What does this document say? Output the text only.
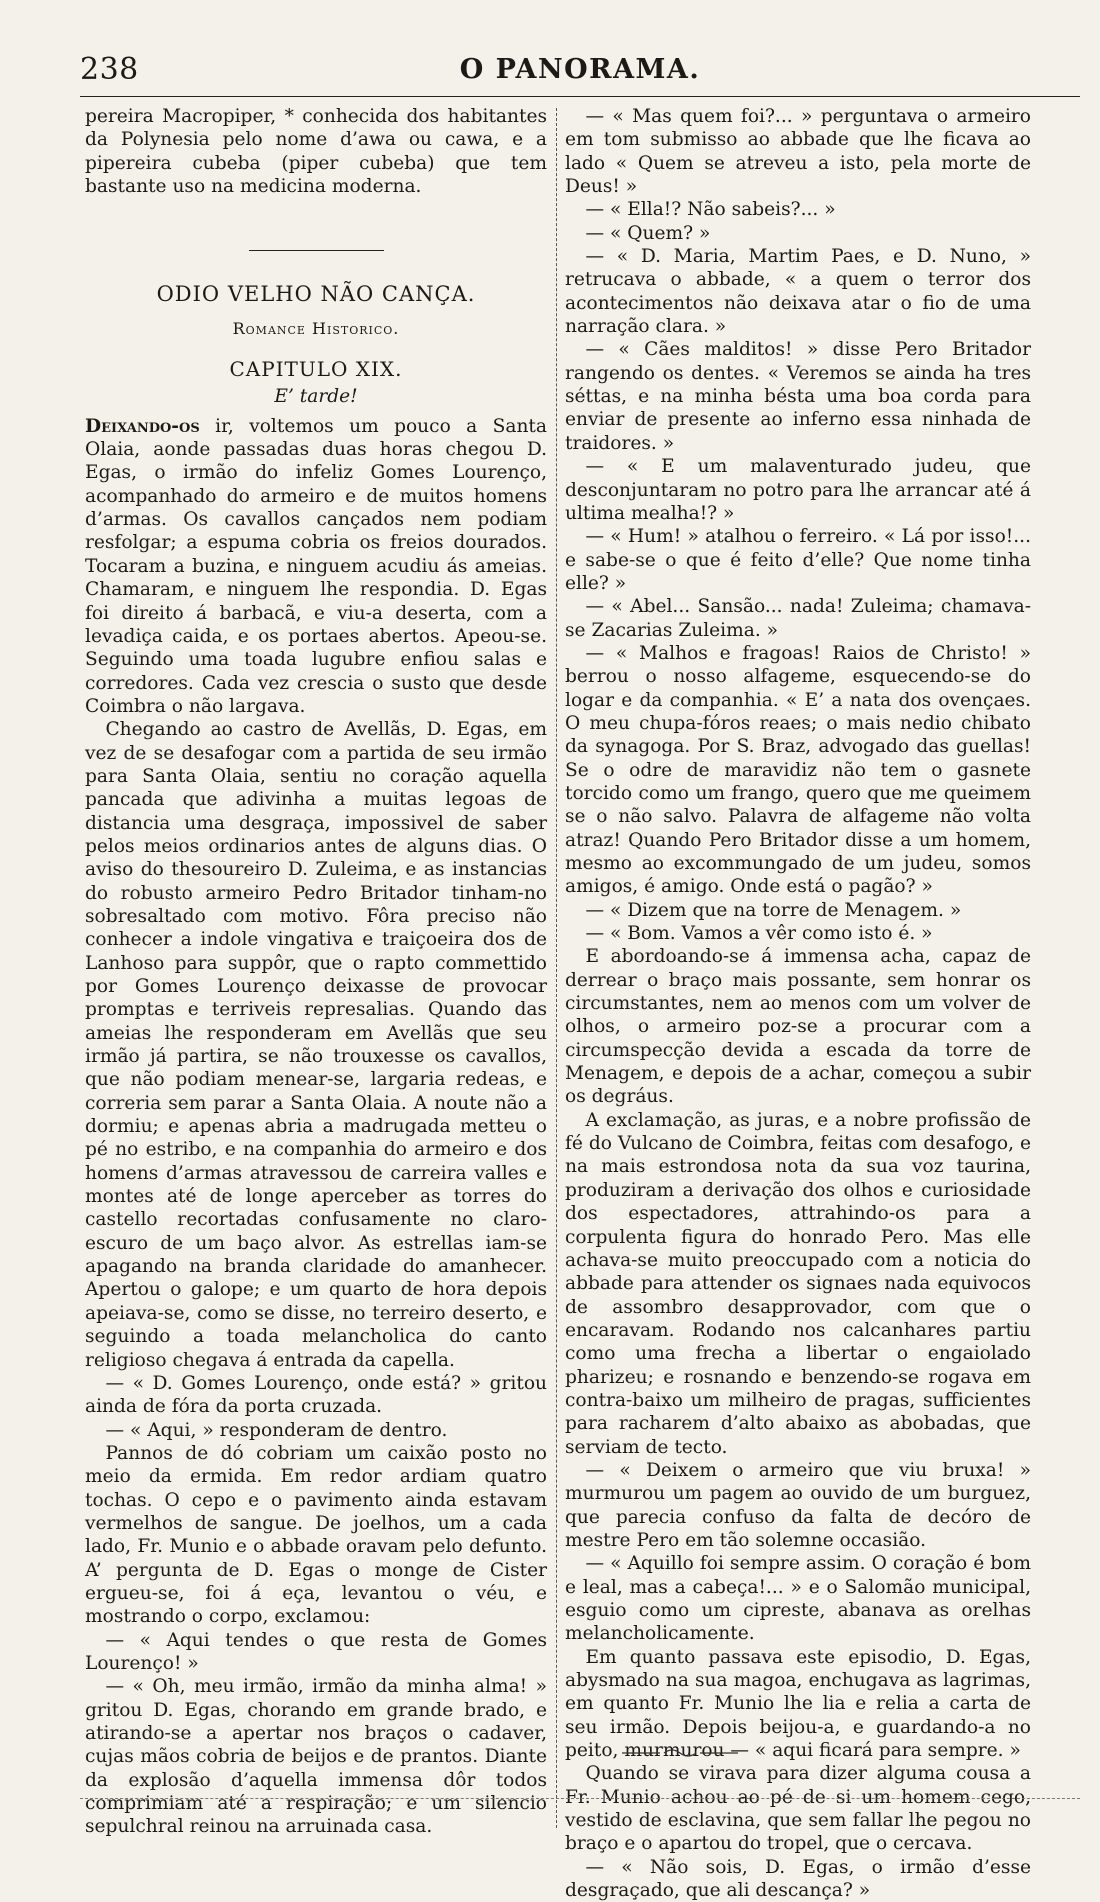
238	O PANORAMA.

pereira Macropiper, * conhecida dos habitantes da Polynesia pelo nome d’awa ou cawa, e a pipereira cubeba (piper cubeba) que tem bastante uso na medicina moderna.

ODIO VELHO NÃO CANÇA.
Romance Historico.
CAPITULO XIX.
E’ tarde!

Deixando-os ir, voltemos um pouco a Santa Olaia, aonde passadas duas horas chegou D. Egas, o irmão do infeliz Gomes Lourenço, acompanhado do armeiro e de muitos homens d’armas. Os cavallos cançados nem podiam resfolgar; a espuma cobria os freios dourados. Tocaram a buzina, e ninguem acudiu ás ameias. Chamaram, e ninguem lhe respondia. D. Egas foi direito á barbacã, e viu-a deserta, com a levadiça caida, e os portaes abertos. Apeou-se. Seguindo uma toada lugubre enfiou salas e corredores. Cada vez crescia o susto que desde Coimbra o não largava.

Chegando ao castro de Avellãs, D. Egas, em vez de se desafogar com a partida de seu irmão para Santa Olaia, sentiu no coração aquella pancada que adivinha a muitas legoas de distancia uma desgraça, impossivel de saber pelos meios ordinarios antes de alguns dias. O aviso do thesoureiro D. Zuleima, e as instancias do robusto armeiro Pedro Britador tinham-no sobresaltado com motivo. Fôra preciso não conhecer a indole vingativa e traiçoeira dos de Lanhoso para suppôr, que o rapto commettido por Gomes Lourenço deixasse de provocar promptas e terriveis represalias. Quando das ameias lhe responderam em Avellãs que seu irmão já partira, se não trouxesse os cavallos, que não podiam menear-se, largaria redeas, e correria sem parar a Santa Olaia. A noute não a dormiu; e apenas abria a madrugada metteu o pé no estribo, e na companhia do armeiro e dos homens d’armas atravessou de carreira valles e montes até de longe aperceber as torres do castello recortadas confusamente no claro-escuro de um baço alvor. As estrellas iam-se apagando na branda claridade do amanhecer. Apertou o galope; e um quarto de hora depois apeiava-se, como se disse, no terreiro deserto, e seguindo a toada melancholica do canto religioso chegava á entrada da capella.

— « D. Gomes Lourenço, onde está? » gritou ainda de fóra da porta cruzada.

— « Aqui, » responderam de dentro.

Pannos de dó cobriam um caixão posto no meio da ermida. Em redor ardiam quatro tochas. O cepo e o pavimento ainda estavam vermelhos de sangue. De joelhos, um a cada lado, Fr. Munio e o abbade oravam pelo defunto. A’ pergunta de D. Egas o monge de Cister ergueu-se, foi á eça, levantou o véu, e mostrando o corpo, exclamou:

— « Aqui tendes o que resta de Gomes Lourenço! »

— « Oh, meu irmão, irmão da minha alma! » gritou D. Egas, chorando em grande brado, e atirando-se a apertar nos braços o cadaver, cujas mãos cobria de beijos e de prantos. Diante da explosão d’aquella immensa dôr todos comprimiam até a respiração; e um silencio sepulchral reinou na arruinada casa.

— « Mas quem foi?... » perguntava o armeiro em tom submisso ao abbade que lhe ficava ao lado « Quem se atreveu a isto, pela morte de Deus! »

— « Ella!? Não sabeis?... »

— « Quem? »

— « D. Maria, Martim Paes, e D. Nuno, » retrucava o abbade, « a quem o terror dos acontecimentos não deixava atar o fio de uma narração clara. »

— « Cães malditos! » disse Pero Britador rangendo os dentes. « Veremos se ainda ha tres séttas, e na minha bésta uma boa corda para enviar de presente ao inferno essa ninhada de traidores. »

— « E um malaventurado judeu, que desconjuntaram no potro para lhe arrancar até á ultima mealha!? »

— « Hum! » atalhou o ferreiro. « Lá por isso!... e sabe-se o que é feito d’elle? Que nome tinha elle? »

— « Abel... Sansão... nada! Zuleima; chamava-se Zacarias Zuleima. »

— « Malhos e fragoas! Raios de Christo! » berrou o nosso alfageme, esquecendo-se do logar e da companhia. « E’ a nata dos ovençaes. O meu chupa-fóros reaes; o mais nedio chibato da synagoga. Por S. Braz, advogado das guellas! Se o odre de maravidiz não tem o gasnete torcido como um frango, quero que me queimem se o não salvo. Palavra de alfageme não volta atraz! Quando Pero Britador disse a um homem, mesmo ao excommungado de um judeu, somos amigos, é amigo. Onde está o pagão? »

— « Dizem que na torre de Menagem. »

— « Bom. Vamos a vêr como isto é. »

E abordoando-se á immensa acha, capaz de derrear o braço mais possante, sem honrar os circumstantes, nem ao menos com um volver de olhos, o armeiro poz-se a procurar com a circumspecção devida a escada da torre de Menagem, e depois de a achar, começou a subir os degráus.

A exclamação, as juras, e a nobre profissão de fé do Vulcano de Coimbra, feitas com desafogo, e na mais estrondosa nota da sua voz taurina, produziram a derivação dos olhos e curiosidade dos espectadores, attrahindo-os para a corpulenta figura do honrado Pero. Mas elle achava-se muito preoccupado com a noticia do abbade para attender os signaes nada equivocos de assombro desapprovador, com que o encaravam. Rodando nos calcanhares partiu como uma frecha a libertar o engaiolado pharizeu; e rosnando e benzendo-se rogava em contra-baixo um milheiro de pragas, sufficientes para racharem d’alto abaixo as abobadas, que serviam de tecto.

— « Deixem o armeiro que viu bruxa! » murmurou um pagem ao ouvido de um burguez, que parecia confuso da falta de decóro de mestre Pero em tão solemne occasião.

— « Aquillo foi sempre assim. O coração é bom e leal, mas a cabeça!... » e o Salomão municipal, esguio como um cipreste, abanava as orelhas melancholicamente.

Em quanto passava este episodio, D. Egas, abysmado na sua magoa, enchugava as lagrimas, em quanto Fr. Munio lhe lia e relia a carta de seu irmão. Depois beijou-a, e guardando-a no peito, murmurou — « aqui ficará para sempre. »

Quando se virava para dizer alguma cousa a Fr. Munio achou ao pé de si um homem cego, vestido de esclavina, que sem fallar lhe pegou no braço e o apartou do tropel, que o cercava.

— « Não sois, D. Egas, o irmão d’esse desgraçado, que ali descança? »
